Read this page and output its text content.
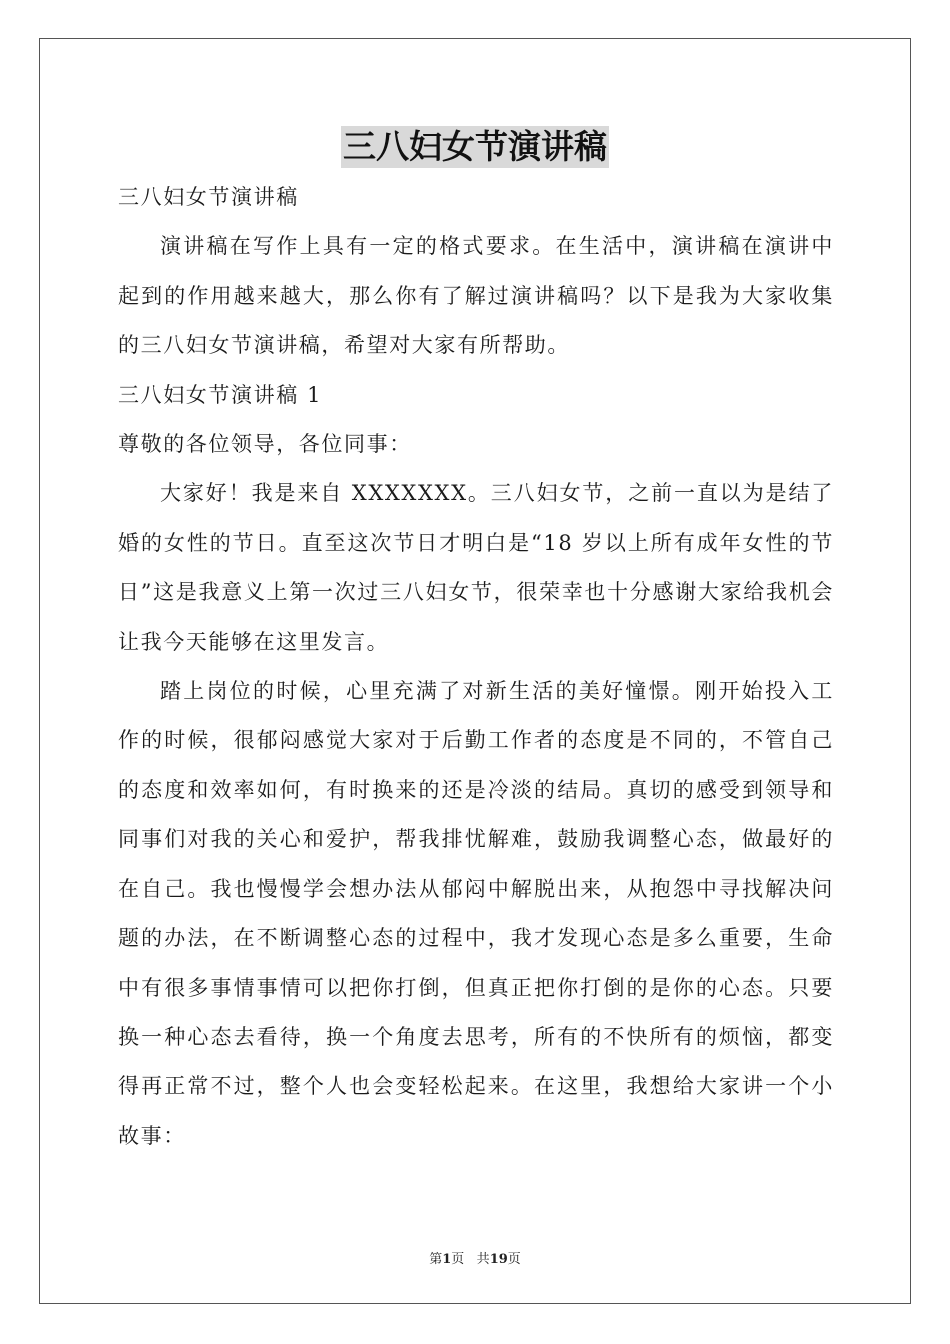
三八妇女节演讲稿

三八妇女节演讲稿

演讲稿在写作上具有一定的格式要求。在生活中，演讲稿在演讲中起到的作用越来越大，那么你有了解过演讲稿吗？以下是我为大家收集的三八妇女节演讲稿，希望对大家有所帮助。

三八妇女节演讲稿 1

尊敬的各位领导，各位同事：

大家好！我是来自 XXXXXXX。三八妇女节，之前一直以为是结了婚的女性的节日。直至这次节日才明白是“18 岁以上所有成年女性的节日”这是我意义上第一次过三八妇女节，很荣幸也十分感谢大家给我机会让我今天能够在这里发言。

踏上岗位的时候，心里充满了对新生活的美好憧憬。刚开始投入工作的时候，很郁闷感觉大家对于后勤工作者的态度是不同的，不管自己的态度和效率如何，有时换来的还是冷淡的结局。真切的感受到领导和同事们对我的关心和爱护，帮我排忧解难，鼓励我调整心态，做最好的在自己。我也慢慢学会想办法从郁闷中解脱出来，从抱怨中寻找解决问题的办法，在不断调整心态的过程中，我才发现心态是多么重要，生命中有很多事情事情可以把你打倒，但真正把你打倒的是你的心态。只要换一种心态去看待，换一个角度去思考，所有的不快所有的烦恼，都变得再正常不过，整个人也会变轻松起来。在这里，我想给大家讲一个小故事：

第1页 共19页
